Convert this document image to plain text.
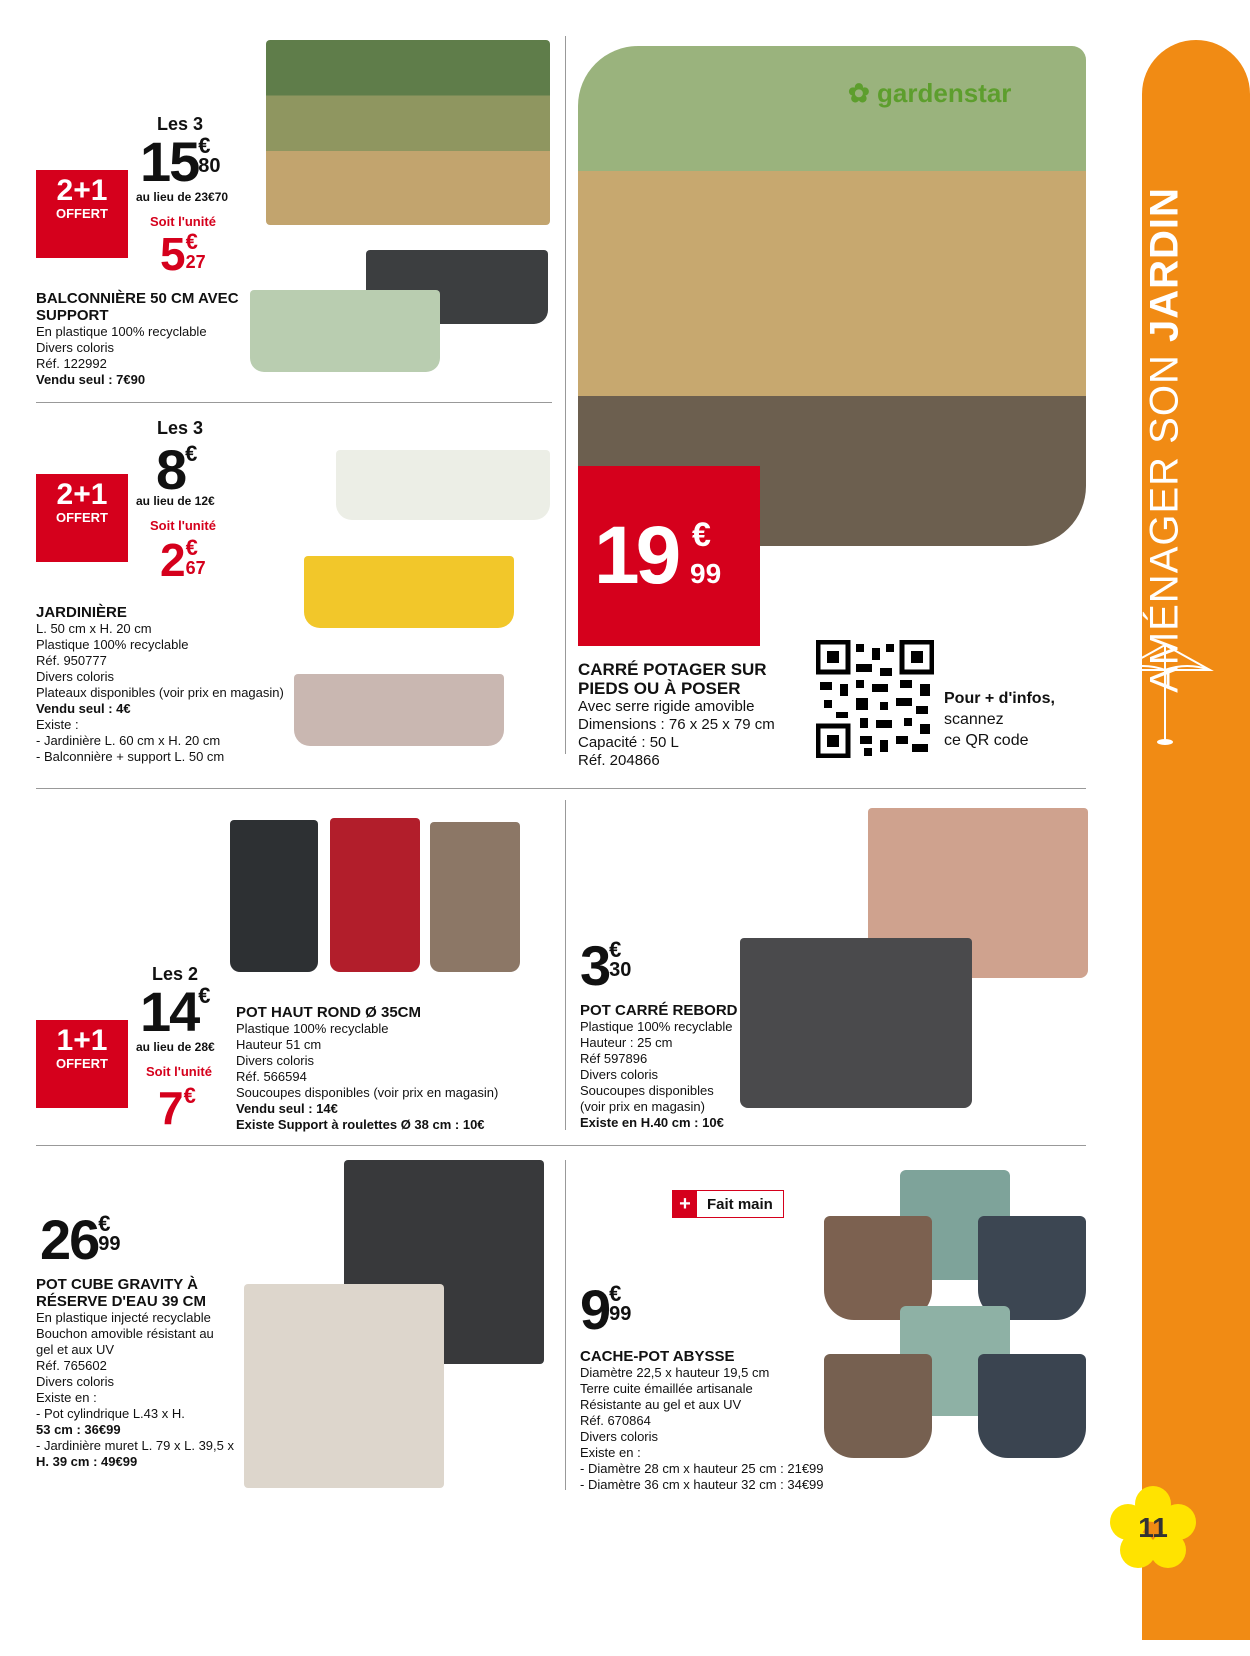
AMÉNAGER SON JARDIN
11
Les 3
15 €
80
au lieu de 23€70
2+1
OFFERT
Soit l'unité
5 €
27
BALCONNIÈRE 50 CM AVEC SUPPORT
En plastique 100% recyclable
Divers coloris
Réf. 122992
Vendu seul : 7€90
Les 3
8€
au lieu de 12€
2+1
OFFERT
Soit l'unité
2 €
67
JARDINIÈRE
L. 50 cm x H. 20 cm
Plastique 100% recyclable
Réf. 950777
Divers coloris
Plateaux disponibles (voir prix en magasin)
Vendu seul : 4€
Existe :
- Jardinière L. 60 cm x H. 20 cm
- Balconnière + support L. 50 cm
✿ gardenstar
19 €
99
CARRÉ POTAGER SUR PIEDS OU À POSER
Avec serre rigide amovible
Dimensions : 76 x 25 x 79 cm
Capacité : 50 L
Réf. 204866
Pour + d'infos,
scannez
ce QR code
Les 2
14€
au lieu de 28€
1+1
OFFERT
Soit l'unité
7€
POT HAUT ROND Ø 35CM
Plastique 100% recyclable
Hauteur 51 cm
Divers coloris
Réf. 566594
Soucoupes disponibles (voir prix en magasin)
Vendu seul : 14€
Existe Support à roulettes Ø 38 cm : 10€
3 €
30
POT CARRÉ REBORD
Plastique 100% recyclable
Hauteur : 25 cm
Réf 597896
Divers coloris
Soucoupes disponibles
(voir prix en magasin)
Existe en H.40 cm : 10€
26 €
99
POT CUBE GRAVITY À RÉSERVE D'EAU 39 CM
En plastique injecté recyclable
Bouchon amovible résistant au
gel et aux UV
Réf. 765602
Divers coloris
Existe en :
- Pot cylindrique L.43 x H.
53 cm : 36€99
- Jardinière muret L. 79 x L. 39,5 x
H. 39 cm : 49€99
+	Fait main
9 €
99
CACHE-POT ABYSSE
Diamètre 22,5 x hauteur 19,5 cm
Terre cuite émaillée artisanale
Résistante au gel et aux UV
Réf. 670864
Divers coloris
Existe en :
- Diamètre 28 cm x hauteur 25 cm : 21€99
- Diamètre 36 cm x hauteur 32 cm : 34€99
